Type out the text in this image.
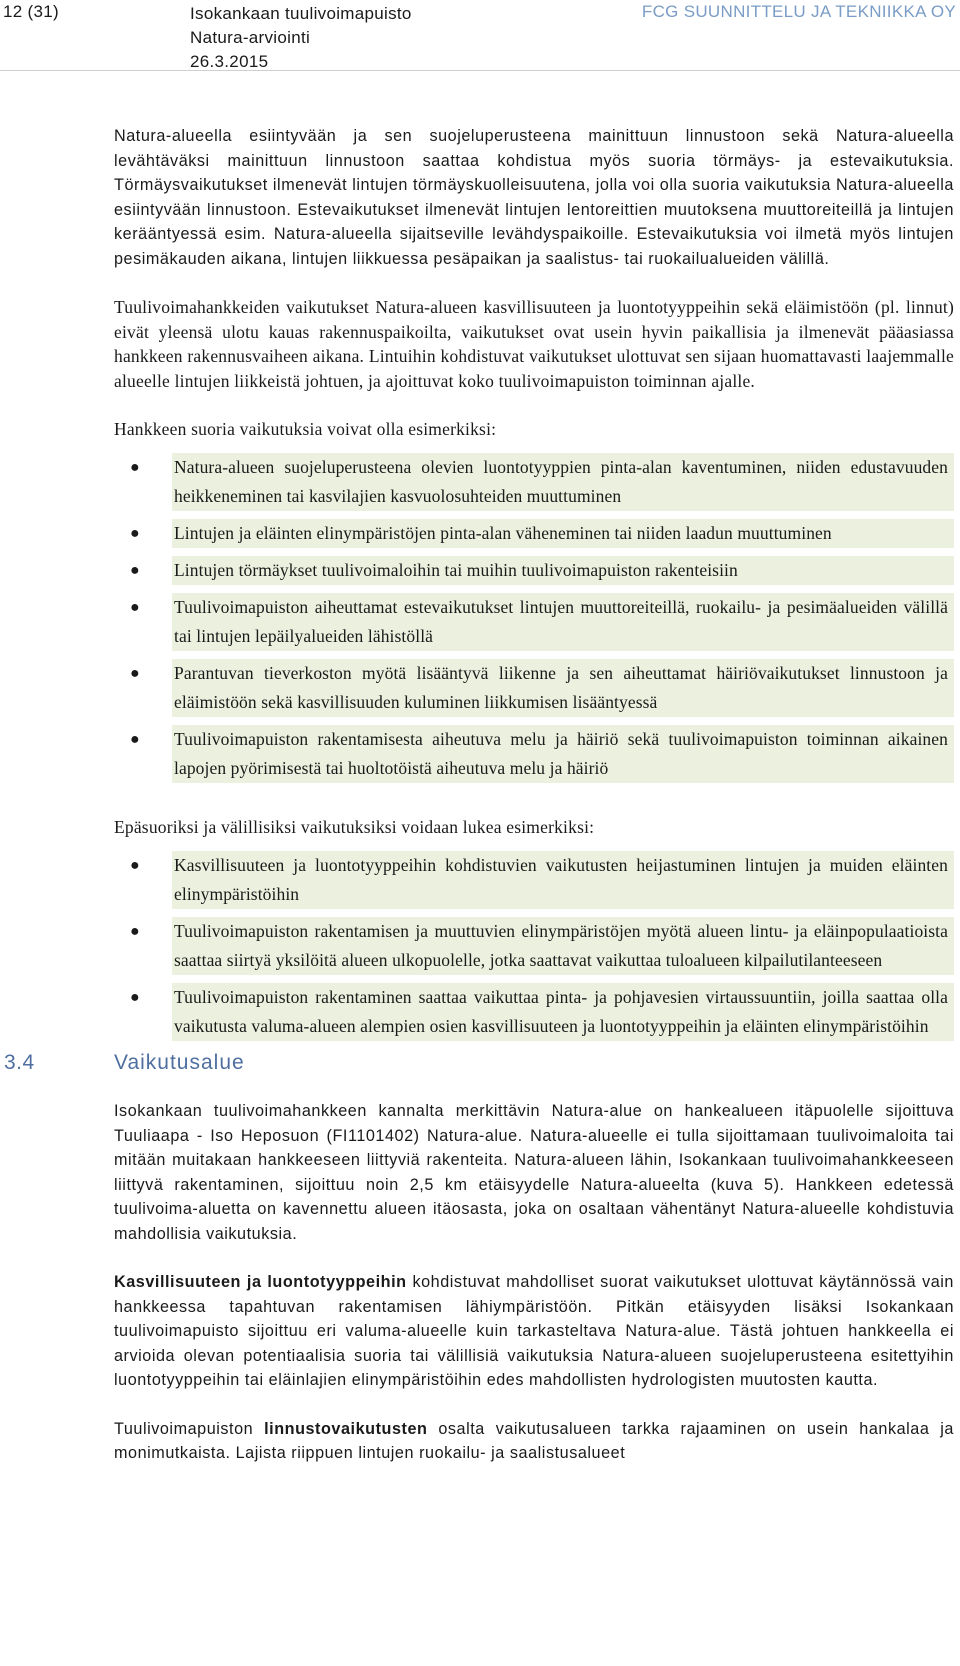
12 (31)	Isokankaan tuulivoimapuisto
Natura-arviointi
26.3.2015
FCG SUUNNITTELU JA TEKNIIKKA OY

Natura-alueella esiintyvään ja sen suojeluperusteena mainittuun linnustoon sekä Natura-alueella levähtäväksi mainittuun linnustoon saattaa kohdistua myös suoria törmäys- ja estevaikutuksia. Törmäysvaikutukset ilmenevät lintujen törmäyskuolleisuutena, jolla voi olla suoria vaikutuksia Natura-alueella esiintyvään linnustoon. Estevaikutukset ilmenevät lintujen lentoreittien muutoksena muuttoreiteillä ja lintujen kerääntyessä esim. Natura-alueella sijaitseville levähdyspaikoille. Estevaikutuksia voi ilmetä myös lintujen pesimäkauden aikana, lintujen liikkuessa pesäpaikan ja saalistus- tai ruokailualueiden välillä.

Tuulivoimahankkeiden vaikutukset Natura-alueen kasvillisuuteen ja luontotyyppeihin sekä eläimistöön (pl. linnut) eivät yleensä ulotu kauas rakennuspaikoilta, vaikutukset ovat usein hyvin paikallisia ja ilmenevät pääasiassa hankkeen rakennusvaiheen aikana. Lintuihin kohdistuvat vaikutukset ulottuvat sen sijaan huomattavasti laajemmalle alueelle lintujen liikkeistä johtuen, ja ajoittuvat koko tuulivoimapuiston toiminnan ajalle.

Hankkeen suoria vaikutuksia voivat olla esimerkiksi:

● Natura-alueen suojeluperusteena olevien luontotyyppien pinta-alan kaventuminen, niiden edustavuuden heikkeneminen tai kasvilajien kasvuolosuhteiden muuttuminen
● Lintujen ja eläinten elinympäristöjen pinta-alan väheneminen tai niiden laadun muuttuminen
● Lintujen törmäykset tuulivoimaloihin tai muihin tuulivoimapuiston rakenteisiin
● Tuulivoimapuiston aiheuttamat estevaikutukset lintujen muuttoreiteillä, ruokailu- ja pesimäalueiden välillä tai lintujen lepäilyalueiden lähistöllä
● Parantuvan tieverkoston myötä lisääntyvä liikenne ja sen aiheuttamat häiriövaikutukset linnustoon ja eläimistöön sekä kasvillisuuden kuluminen liikkumisen lisääntyessä
● Tuulivoimapuiston rakentamisesta aiheutuva melu ja häiriö sekä tuulivoimapuiston toiminnan aikainen lapojen pyörimisestä tai huoltotöistä aiheutuva melu ja häiriö

Epäsuoriksi ja välillisiksi vaikutuksiksi voidaan lukea esimerkiksi:

● Kasvillisuuteen ja luontotyyppeihin kohdistuvien vaikutusten heijastuminen lintujen ja muiden eläinten elinympäristöihin
● Tuulivoimapuiston rakentamisen ja muuttuvien elinympäristöjen myötä alueen lintu- ja eläinpopulaatioista saattaa siirtyä yksilöitä alueen ulkopuolelle, jotka saattavat vaikuttaa tuloalueen kilpailutilanteeseen
● Tuulivoimapuiston rakentaminen saattaa vaikuttaa pinta- ja pohjavesien virtaussuuntiin, joilla saattaa olla vaikutusta valuma-alueen alempien osien kasvillisuuteen ja luontotyyppeihin ja eläinten elinympäristöihin
3.4	Vaikutusalue

Isokankaan tuulivoimahankkeen kannalta merkittävin Natura-alue on hankealueen itäpuolelle sijoittuva Tuuliaapa - Iso Heposuon (FI1101402) Natura-alue. Natura-alueelle ei tulla sijoittamaan tuulivoimaloita tai mitään muitakaan hankkeeseen liittyviä rakenteita. Natura-alueen lähin, Isokankaan tuulivoimahankkeeseen liittyvä rakentaminen, sijoittuu noin 2,5 km etäisyydelle Natura-alueelta (kuva 5). Hankkeen edetessä tuulivoima-aluetta on kavennettu alueen itäosasta, joka on osaltaan vähentänyt Natura-alueelle kohdistuvia mahdollisia vaikutuksia.

Kasvillisuuteen ja luontotyyppeihin kohdistuvat mahdolliset suorat vaikutukset ulottuvat käytännössä vain hankkeessa tapahtuvan rakentamisen lähiympäristöön. Pitkän etäisyyden lisäksi Isokankaan tuulivoimapuisto sijoittuu eri valuma-alueelle kuin tarkasteltava Natura-alue. Tästä johtuen hankkeella ei arvioida olevan potentiaalisia suoria tai välillisiä vaikutuksia Natura-alueen suojeluperusteena esitettyihin luontotyyppeihin tai eläinlajien elinympäristöihin edes mahdollisten hydrologisten muutosten kautta.

Tuulivoimapuiston linnustovaikutusten osalta vaikutusalueen tarkka rajaaminen on usein hankalaa ja monimutkaista. Lajista riippuen lintujen ruokailu- ja saalistusalueet
